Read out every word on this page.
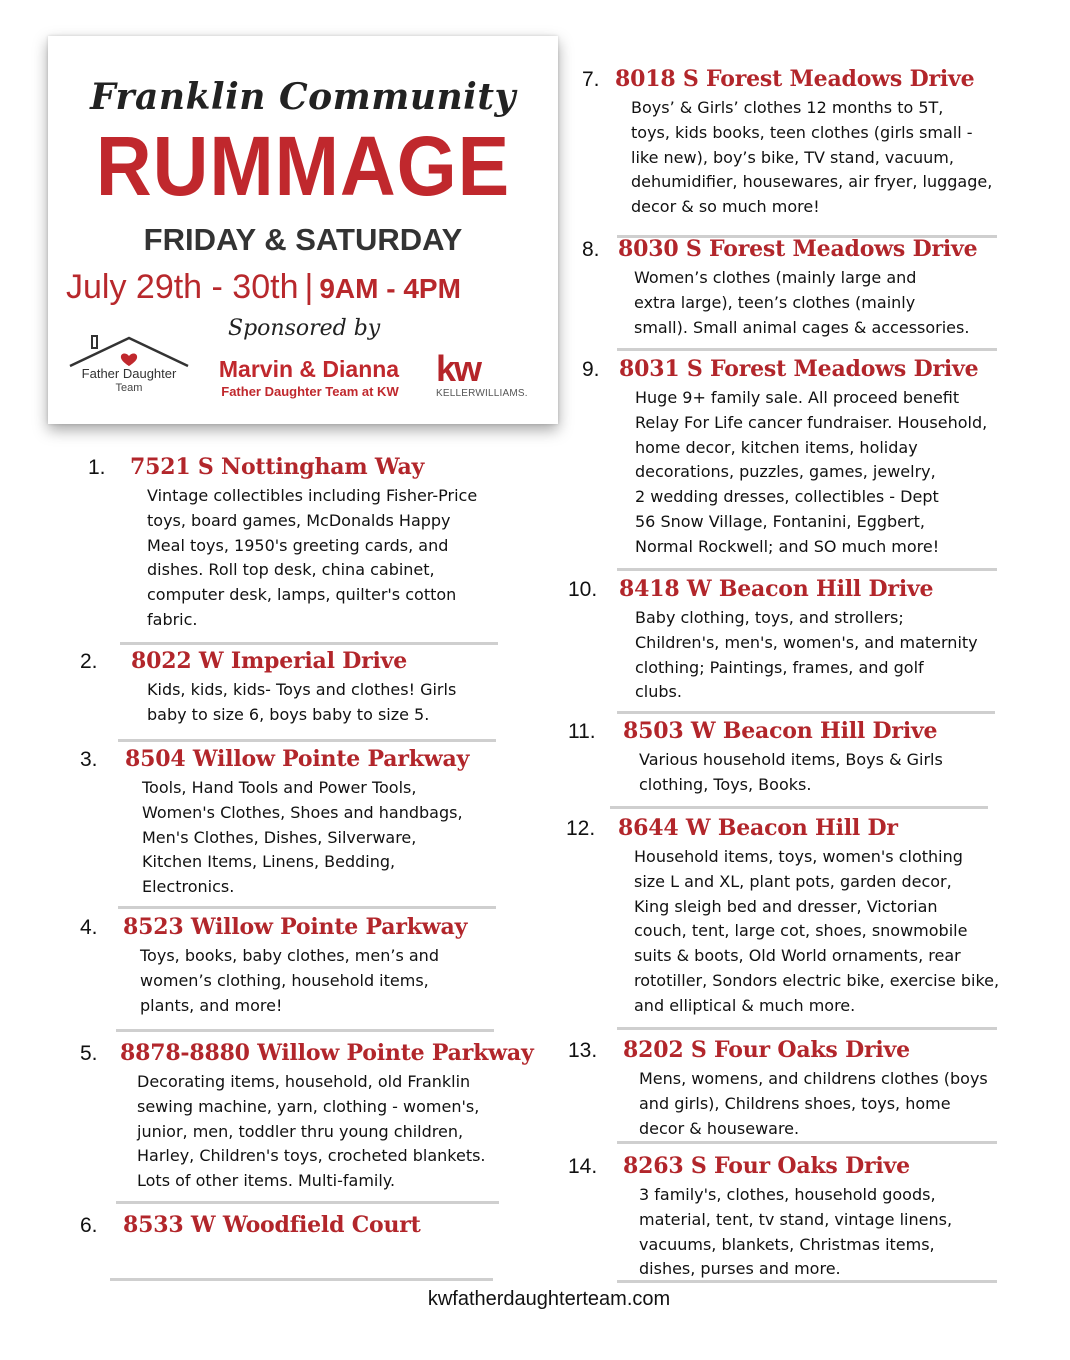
Franklin Community
RUMMAGE
FRIDAY & SATURDAY
July 29th - 30th | 9AM - 4PM
Sponsored by
Father Daughter
Team
Marvin & Dianna
Father Daughter Team at KW
kw
KELLERWILLIAMS.
1. 7521 S Nottingham Way
Vintage collectibles including Fisher-Price
toys, board games, McDonalds Happy
Meal toys, 1950's greeting cards, and
dishes. Roll top desk, china cabinet,
computer desk, lamps, quilter's cotton
fabric.
2. 8022 W Imperial Drive
Kids, kids, kids- Toys and clothes! Girls
baby to size 6, boys baby to size 5.
3. 8504 Willow Pointe Parkway
Tools, Hand Tools and Power Tools,
Women's Clothes, Shoes and handbags,
Men's Clothes, Dishes, Silverware,
Kitchen Items, Linens, Bedding,
Electronics.
4. 8523 Willow Pointe Parkway
Toys, books, baby clothes, men’s and
women’s clothing, household items,
plants, and more!
5. 8878-8880 Willow Pointe Parkway
Decorating items, household, old Franklin
sewing machine, yarn, clothing - women's,
junior, men, toddler thru young children,
Harley, Children's toys, crocheted blankets.
Lots of other items. Multi-family.
6. 8533 W Woodfield Court
7. 8018 S Forest Meadows Drive
Boys’ & Girls’ clothes 12 months to 5T,
toys, kids books, teen clothes (girls small -
like new), boy’s bike, TV stand, vacuum,
dehumidifier, housewares, air fryer, luggage,
decor & so much more!
8. 8030 S Forest Meadows Drive
Women’s clothes (mainly large and
extra large), teen’s clothes (mainly
small). Small animal cages & accessories.
9. 8031 S Forest Meadows Drive
Huge 9+ family sale. All proceed benefit
Relay For Life cancer fundraiser. Household,
home decor, kitchen items, holiday
decorations, puzzles, games, jewelry,
2 wedding dresses, collectibles - Dept
56 Snow Village, Fontanini, Eggbert,
Normal Rockwell; and SO much more!
10. 8418 W Beacon Hill Drive
Baby clothing, toys, and strollers;
Children's, men's, women's, and maternity
clothing; Paintings, frames, and golf
clubs.
11. 8503 W Beacon Hill Drive
Various household items, Boys & Girls
clothing, Toys, Books.
12. 8644 W Beacon Hill Dr
Household items, toys, women's clothing
size L and XL, plant pots, garden decor,
King sleigh bed and dresser, Victorian
couch, tent, large cot, shoes, snowmobile
suits & boots, Old World ornaments, rear
rototiller, Sondors electric bike, exercise bike,
and elliptical & much more.
13. 8202 S Four Oaks Drive
Mens, womens, and childrens clothes (boys
and girls), Childrens shoes, toys, home
decor & houseware.
14. 8263 S Four Oaks Drive
3 family's, clothes, household goods,
material, tent, tv stand, vintage linens,
vacuums, blankets, Christmas items,
dishes, purses and more.
kwfatherdaughterteam.com
